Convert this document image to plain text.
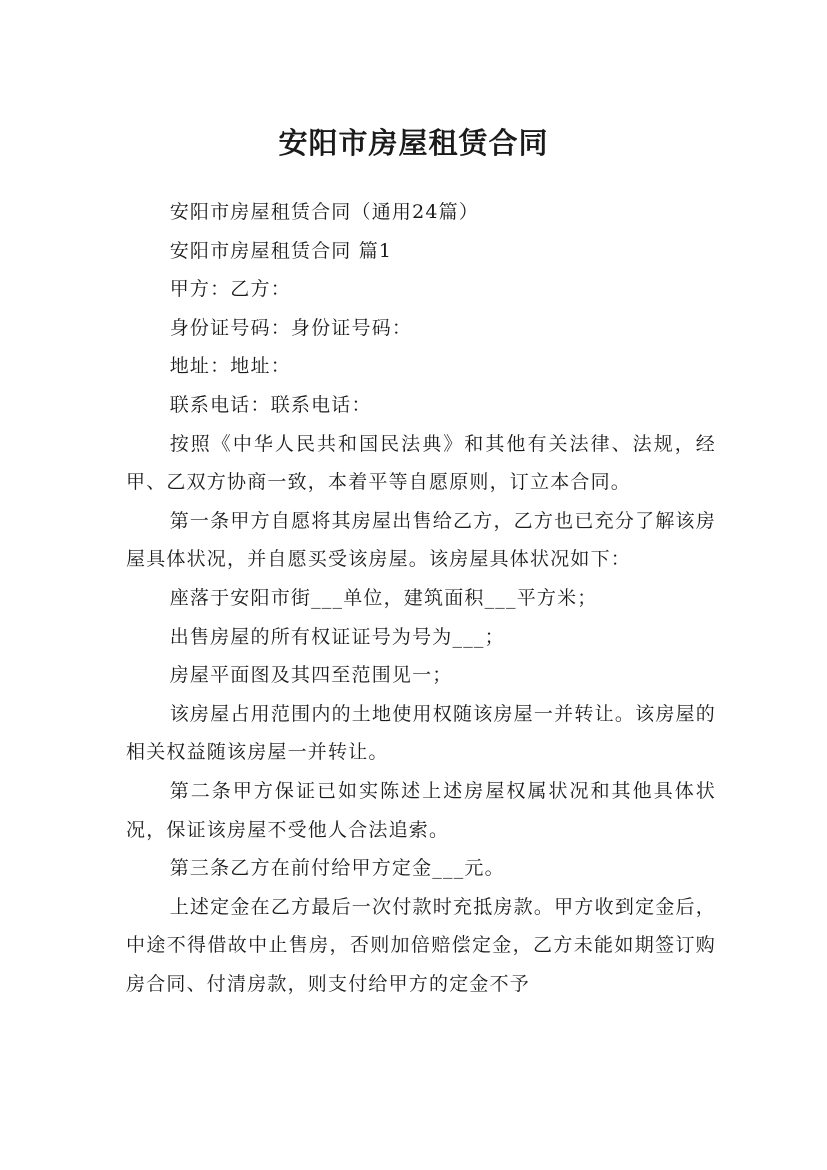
安阳市房屋租赁合同

安阳市房屋租赁合同（通用24篇）

安阳市房屋租赁合同 篇1

甲方：乙方：

身份证号码：身份证号码：

地址：地址：

联系电话：联系电话：

按照《中华人民共和国民法典》和其他有关法律、法规，经甲、乙双方协商一致，本着平等自愿原则，订立本合同。

第一条甲方自愿将其房屋出售给乙方，乙方也已充分了解该房屋具体状况，并自愿买受该房屋。该房屋具体状况如下：

座落于安阳市街___单位，建筑面积___平方米；

出售房屋的所有权证证号为号为___；

房屋平面图及其四至范围见一；

该房屋占用范围内的土地使用权随该房屋一并转让。该房屋的相关权益随该房屋一并转让。

第二条甲方保证已如实陈述上述房屋权属状况和其他具体状况，保证该房屋不受他人合法追索。

第三条乙方在前付给甲方定金___元。

上述定金在乙方最后一次付款时充抵房款。甲方收到定金后，中途不得借故中止售房，否则加倍赔偿定金，乙方未能如期签订购房合同、付清房款，则支付给甲方的定金不予
